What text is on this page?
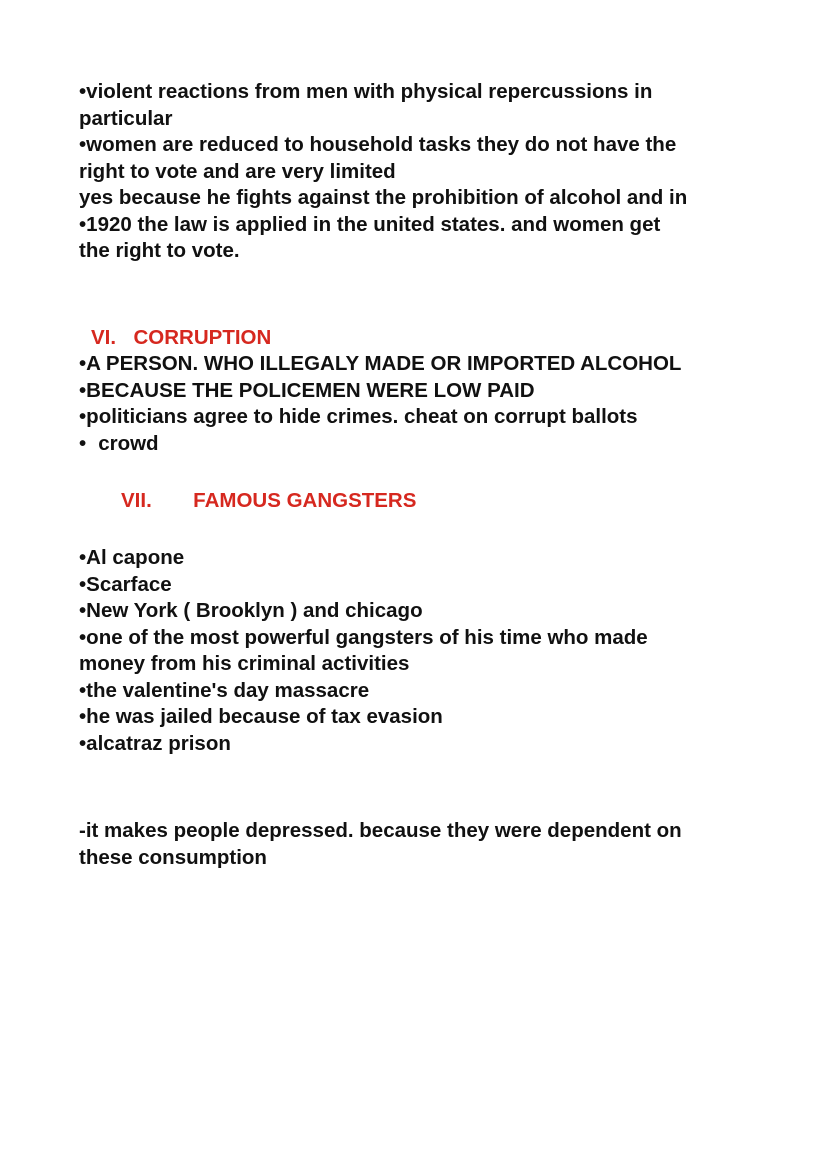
•violent reactions from men with physical repercussions in
particular
•women are reduced to household tasks they do not have the
right to vote and are very limited
yes because he fights against the prohibition of alcohol and in
•1920 the law is applied in the united states. and women get
the right to vote.
VI. CORRUPTION
•A PERSON. WHO ILLEGALY MADE OR IMPORTED ALCOHOL
•BECAUSE THE POLICEMEN WERE LOW PAID
•politicians agree to hide crimes. cheat on corrupt ballots
• crowd
VII. FAMOUS GANGSTERS
•Al capone
•Scarface
•New York ( Brooklyn ) and chicago
•one of the most powerful gangsters of his time who made
money from his criminal activities
•the valentine's day massacre
•he was jailed because of tax evasion
•alcatraz prison
-it makes people depressed. because they were dependent on
these consumption
